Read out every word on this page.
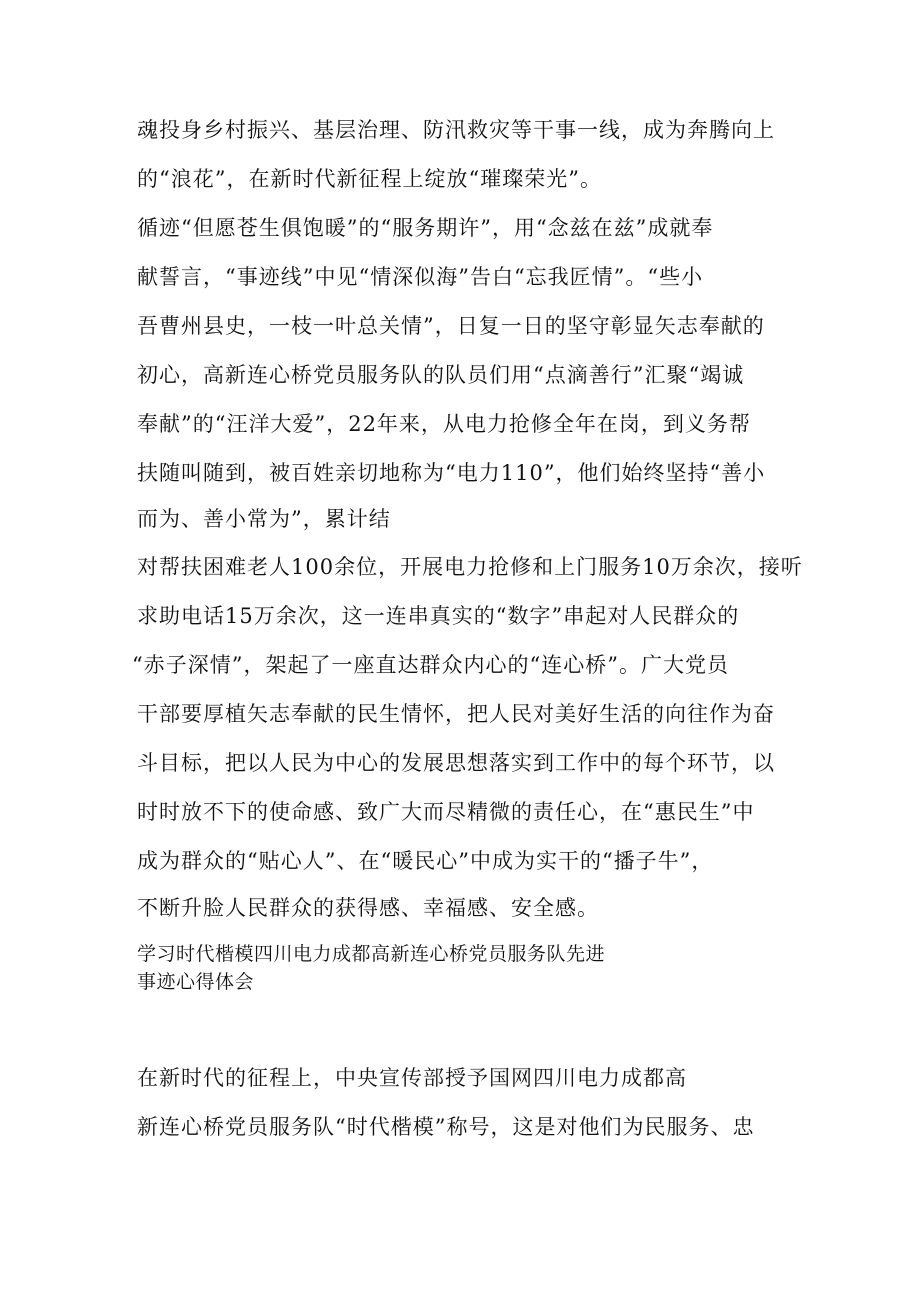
魂投身乡村振兴、基层治理、防汛救灾等干事一线，成为奔腾向上
的“浪花”，在新时代新征程上绽放“璀璨荣光”。
循迹“但愿苍生俱饱暖”的“服务期许”，用“念兹在兹”成就奉
献誓言，“事迹线”中见“情深似海”告白“忘我匠情”。“些小
吾曹州县史，一枝一叶总关情”，日复一日的坚守彰显矢志奉献的
初心，高新连心桥党员服务队的队员们用“点滴善行”汇聚“竭诚
奉献”的“汪洋大爱”，22年来，从电力抢修全年在岗，到义务帮
扶随叫随到，被百姓亲切地称为“电力110”，他们始终坚持“善小
而为、善小常为”，累计结
对帮扶困难老人100余位，开展电力抢修和上门服务10万余次，接听
求助电话15万余次，这一连串真实的“数字”串起对人民群众的
“赤子深情”，架起了一座直达群众内心的“连心桥”。广大党员
干部要厚植矢志奉献的民生情怀，把人民对美好生活的向往作为奋
斗目标，把以人民为中心的发展思想落实到工作中的每个环节，以
时时放不下的使命感、致广大而尽精微的责任心，在“惠民生”中
成为群众的“贴心人”、在“暖民心”中成为实干的“播子牛”，
不断升脸人民群众的获得感、幸福感、安全感。
学习时代楷模四川电力成都高新连心桥党员服务队先进
事迹心得体会
在新时代的征程上，中央宣传部授予国网四川电力成都高
新连心桥党员服务队“时代楷模”称号，这是对他们为民服务、忠
